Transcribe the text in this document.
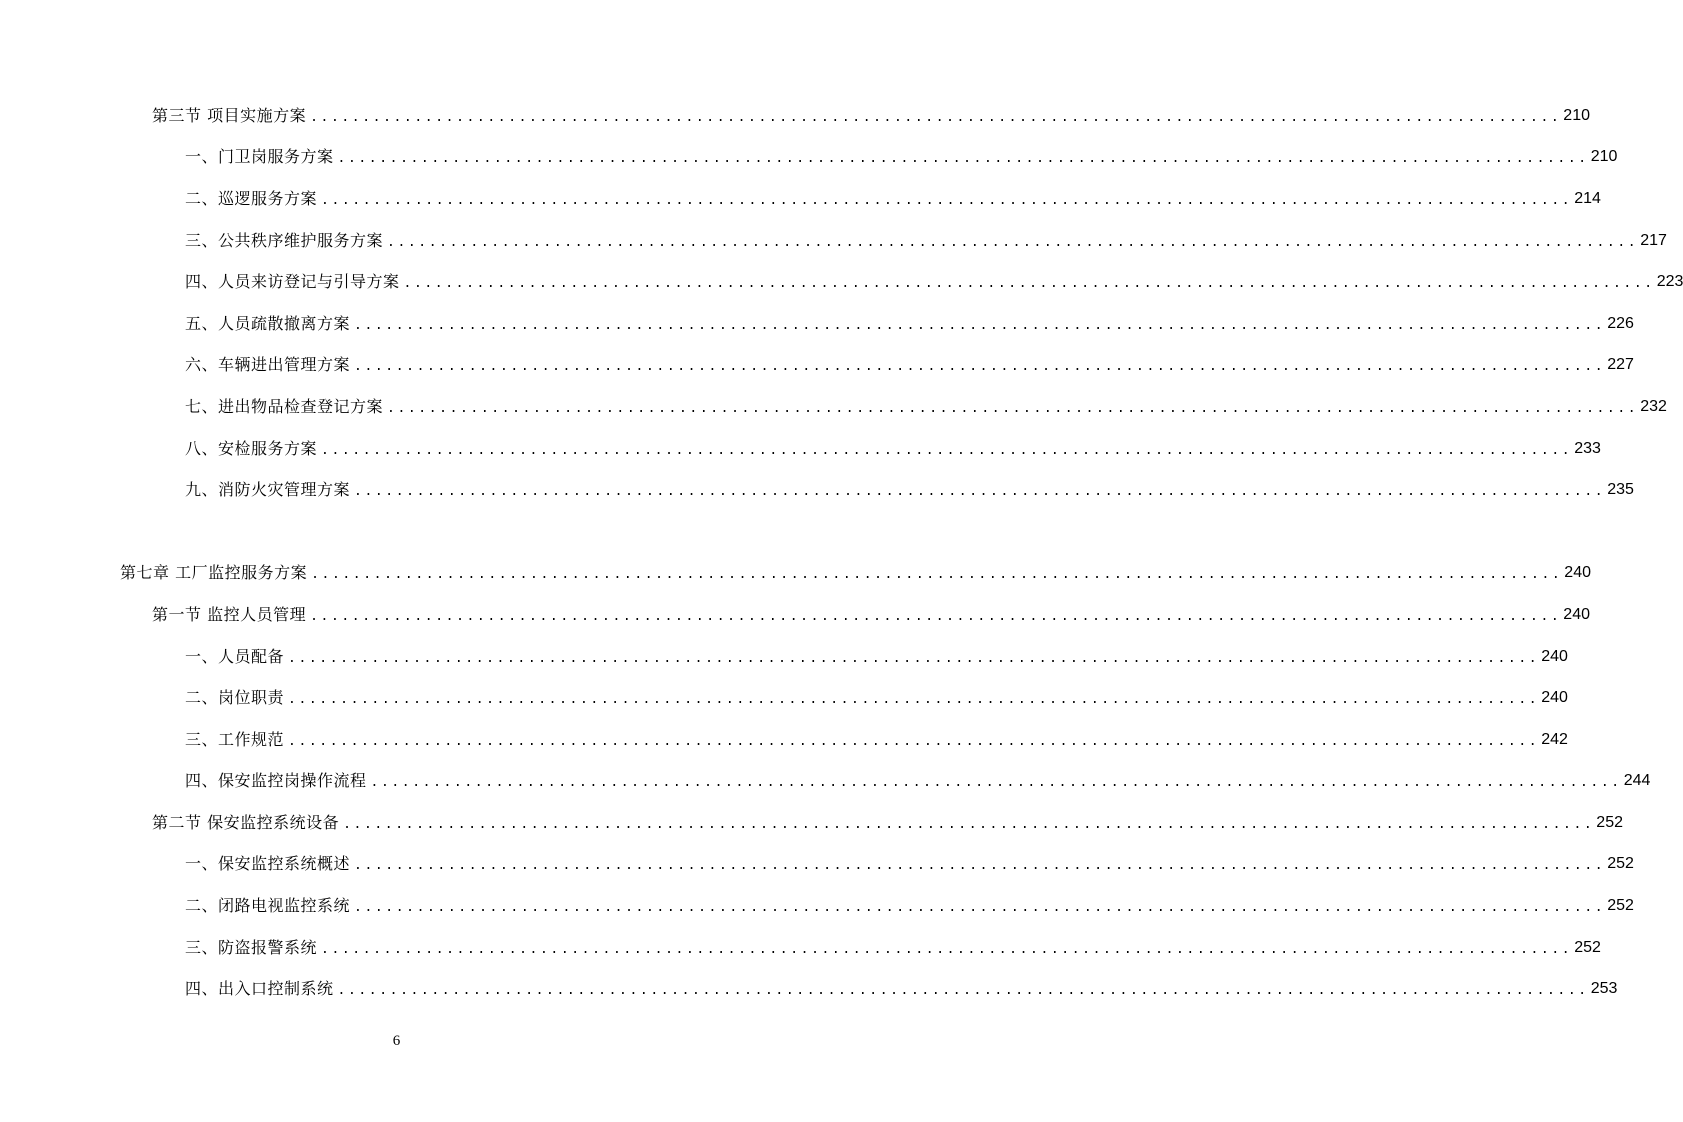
第三节 项目实施方案 ........................................................................................................................ 210
一、门卫岗服务方案 ........................................................................................................................ 210
二、巡逻服务方案 ........................................................................................................................ 214
三、公共秩序维护服务方案 ........................................................................................................................ 217
四、人员来访登记与引导方案 ........................................................................................................................ 223
五、人员疏散撤离方案 ........................................................................................................................ 226
六、车辆进出管理方案 ........................................................................................................................ 227
七、进出物品检查登记方案 ........................................................................................................................ 232
八、安检服务方案 ........................................................................................................................ 233
九、消防火灾管理方案 ........................................................................................................................ 235
第七章 工厂监控服务方案 ........................................................................................................................ 240
第一节 监控人员管理 ........................................................................................................................ 240
一、人员配备 ........................................................................................................................ 240
二、岗位职责 ........................................................................................................................ 240
三、工作规范 ........................................................................................................................ 242
四、保安监控岗操作流程 ........................................................................................................................ 244
第二节 保安监控系统设备 ........................................................................................................................ 252
一、保安监控系统概述 ........................................................................................................................ 252
二、闭路电视监控系统 ........................................................................................................................ 252
三、防盗报警系统 ........................................................................................................................ 252
四、出入口控制系统 ........................................................................................................................ 253
6
